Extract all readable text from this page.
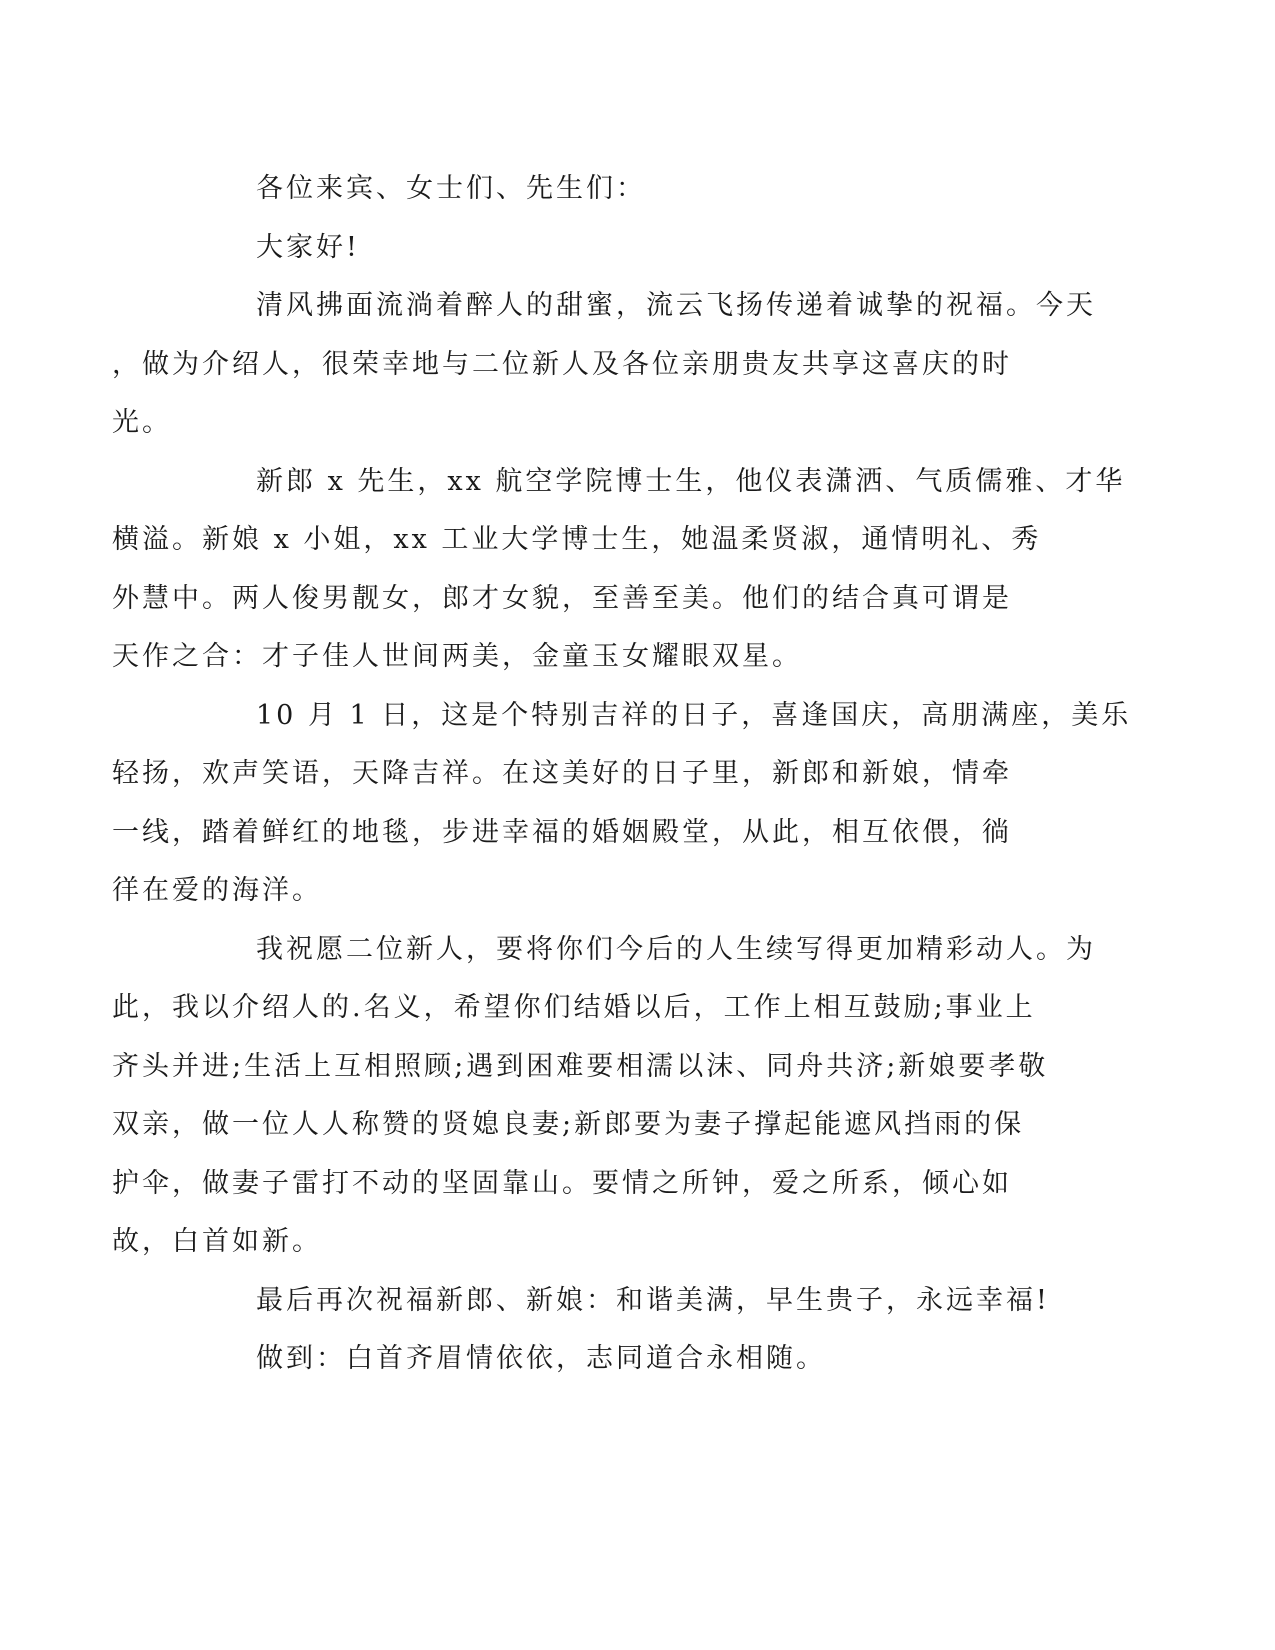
各位来宾、女士们、先生们：

大家好!

清风拂面流淌着醉人的甜蜜，流云飞扬传递着诚挚的祝福。今天
，做为介绍人，很荣幸地与二位新人及各位亲朋贵友共享这喜庆的时
光。

新郎 x 先生，xx 航空学院博士生，他仪表潇洒、气质儒雅、才华
横溢。新娘 x 小姐，xx 工业大学博士生，她温柔贤淑，通情明礼、秀
外慧中。两人俊男靓女，郎才女貌，至善至美。他们的结合真可谓是
天作之合：才子佳人世间两美，金童玉女耀眼双星。

10 月 1 日，这是个特别吉祥的日子，喜逢国庆，高朋满座，美乐
轻扬，欢声笑语，天降吉祥。在这美好的日子里，新郎和新娘，情牵
一线，踏着鲜红的地毯，步进幸福的婚姻殿堂，从此，相互依偎，徜
徉在爱的海洋。

我祝愿二位新人，要将你们今后的人生续写得更加精彩动人。为
此，我以介绍人的.名义，希望你们结婚以后，工作上相互鼓励;事业上
齐头并进;生活上互相照顾;遇到困难要相濡以沫、同舟共济;新娘要孝敬
双亲，做一位人人称赞的贤媳良妻;新郎要为妻子撑起能遮风挡雨的保
护伞，做妻子雷打不动的坚固靠山。要情之所钟，爱之所系，倾心如
故，白首如新。

最后再次祝福新郎、新娘：和谐美满，早生贵子，永远幸福!

做到：白首齐眉情依依，志同道合永相随。
